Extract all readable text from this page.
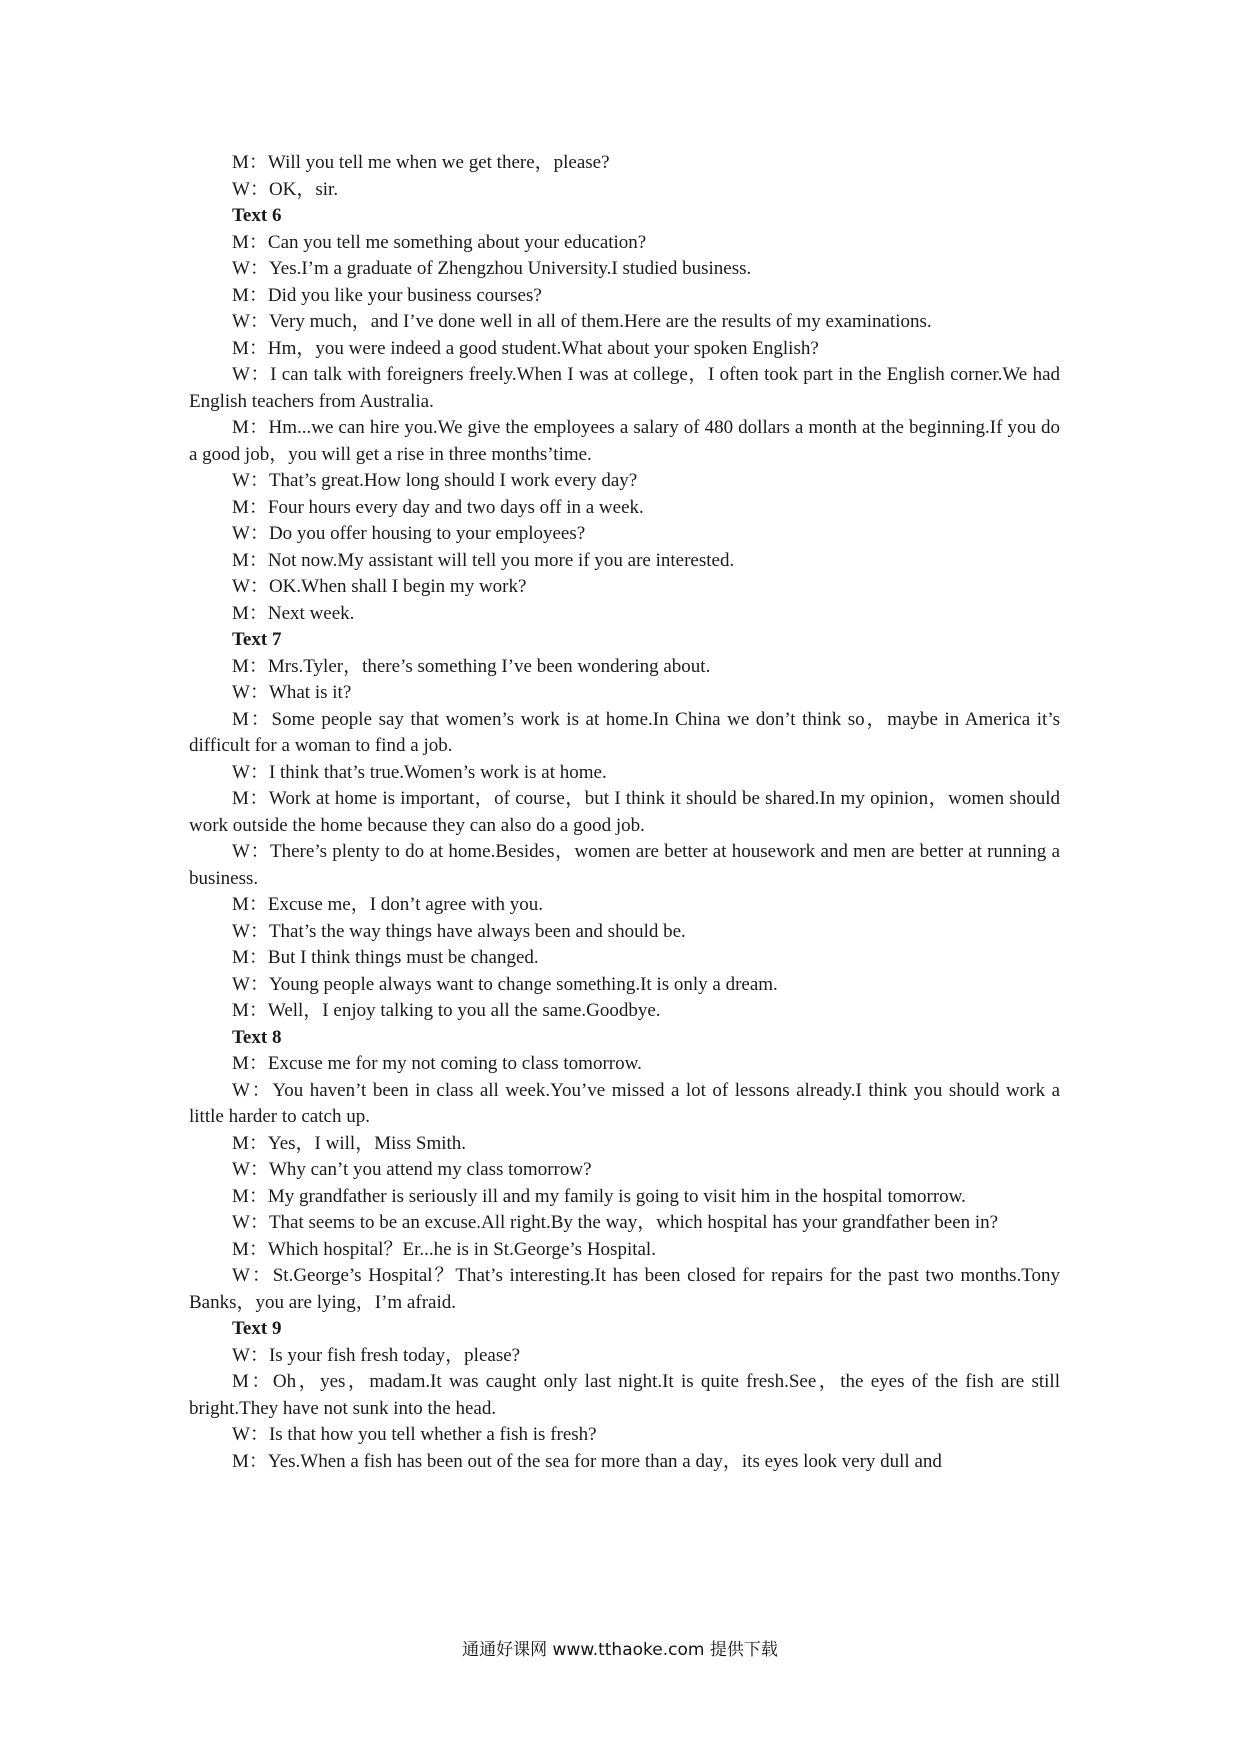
M：Will you tell me when we get there，please?

W：OK，sir.

Text 6

M：Can you tell me something about your education?

W：Yes.I’m a graduate of Zhengzhou University.I studied business.

M：Did you like your business courses?

W：Very much，and I’ve done well in all of them.Here are the results of my examinations.

M：Hm，you were indeed a good student.What about your spoken English?

W：I can talk with foreigners freely.When I was at college，I often took part in the English corner.We had English teachers from Australia.

M：Hm...we can hire you.We give the employees a salary of 480 dollars a month at the beginning.If you do a good job，you will get a rise in three months’time.

W：That’s great.How long should I work every day?

M：Four hours every day and two days off in a week.

W：Do you offer housing to your employees?

M：Not now.My assistant will tell you more if you are interested.

W：OK.When shall I begin my work?

M：Next week.

Text 7

M：Mrs.Tyler，there’s something I’ve been wondering about.

W：What is it?

M：Some people say that women’s work is at home.In China we don’t think so，maybe in America it’s difficult for a woman to find a job.

W：I think that’s true.Women’s work is at home.

M：Work at home is important，of course，but I think it should be shared.In my opinion，women should work outside the home because they can also do a good job.

W：There’s plenty to do at home.Besides，women are better at housework and men are better at running a business.

M：Excuse me，I don’t agree with you.

W：That’s the way things have always been and should be.

M：But I think things must be changed.

W：Young people always want to change something.It is only a dream.

M：Well，I enjoy talking to you all the same.Goodbye.

Text 8

M：Excuse me for my not coming to class tomorrow.

W：You haven’t been in class all week.You’ve missed a lot of lessons already.I think you should work a little harder to catch up.

M：Yes，I will，Miss Smith.

W：Why can’t you attend my class tomorrow?

M：My grandfather is seriously ill and my family is going to visit him in the hospital tomorrow.

W：That seems to be an excuse.All right.By the way，which hospital has your grandfather been in?

M：Which hospital？Er...he is in St.George’s Hospital.

W：St.George’s Hospital？That’s interesting.It has been closed for repairs for the past two months.Tony Banks，you are lying，I’m afraid.

Text 9

W：Is your fish fresh today，please?

M：Oh，yes，madam.It was caught only last night.It is quite fresh.See，the eyes of the fish are still bright.They have not sunk into the head.

W：Is that how you tell whether a fish is fresh?

M：Yes.When a fish has been out of the sea for more than a day，its eyes look very dull and

通通好课网 www.tthaoke.com 提供下载
